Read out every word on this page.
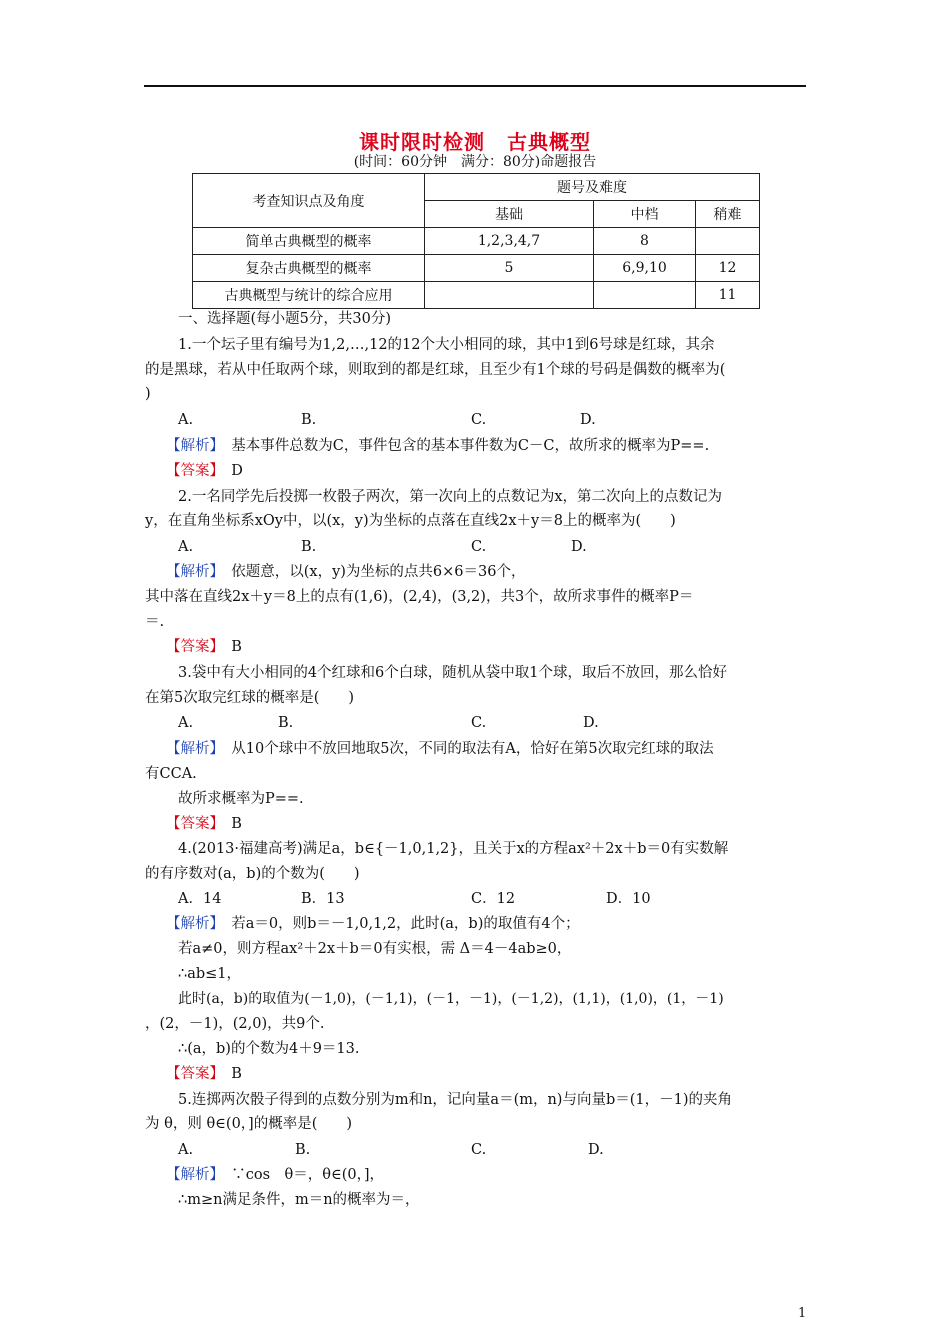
课时限时检测 古典概型
(时间：60分钟　满分：80分)命题报告
考查知识点及角度	题号及难度		
	基础	中档	稍难
简单古典概型的概率	1,2,3,4,7	8	
复杂古典概型的概率	5	6,9,10	12
古典概型与统计的综合应用			11
一、选择题(每小题5分，共30分)
1.一个坛子里有编号为1,2,…,12的12个大小相同的球，其中1到6号球是红球，其余
的是黑球，若从中任取两个球，则取到的都是红球，且至少有1个球的号码是偶数的概率为(
)
A.	B.	C.	D.
【解析】　 基本事件总数为C，事件包含的基本事件数为C－C，故所求的概率为P==.
【答案】　 D
2.一名同学先后投掷一枚骰子两次，第一次向上的点数记为x，第二次向上的点数记为
y，在直角坐标系xOy中，以(x，y)为坐标的点落在直线2x＋y＝8上的概率为(　　)
A.	B.	C.	D.
【解析】　 依题意，以(x，y)为坐标的点共6×6＝36个，
其中落在直线2x＋y＝8上的点有(1,6)，(2,4)，(3,2)，共3个，故所求事件的概率P＝
＝.
【答案】　 B
3.袋中有大小相同的4个红球和6个白球，随机从袋中取1个球，取后不放回，那么恰好
在第5次取完红球的概率是(　　)
A.	B.	C.	D.
【解析】　 从10个球中不放回地取5次，不同的取法有A，恰好在第5次取完红球的取法
有CCA.
故所求概率为P==.
【答案】　 B
4.(2013·福建高考)满足a，b∈{－1,0,1,2}，且关于x的方程ax²＋2x＋b＝0有实数解
的有序数对(a，b)的个数为(　　)
A．14	B．13	C．12	D．10
【解析】　 若a＝0，则b＝－1,0,1,2，此时(a，b)的取值有4个；
若a≠0，则方程ax²＋2x＋b＝0有实根，需 Δ＝4－4ab≥0，
∴ab≤1，
此时(a，b)的取值为(－1,0)，(－1,1)，(－1，－1)，(－1,2)，(1,1)，(1,0)，(1，－1)
，(2，－1)，(2,0)，共9个.
∴(a，b)的个数为4＋9＝13.
【答案】　 B
5.连掷两次骰子得到的点数分别为m和n，记向量a＝(m，n)与向量b＝(1，－1)的夹角
为 θ，则 θ∈(0，]的概率是(　　)
A.	B.	C.	D.
【解析】　 ∵cos　θ＝，θ∈(0，]，
∴m≥n满足条件，m＝n的概率为＝，
1
